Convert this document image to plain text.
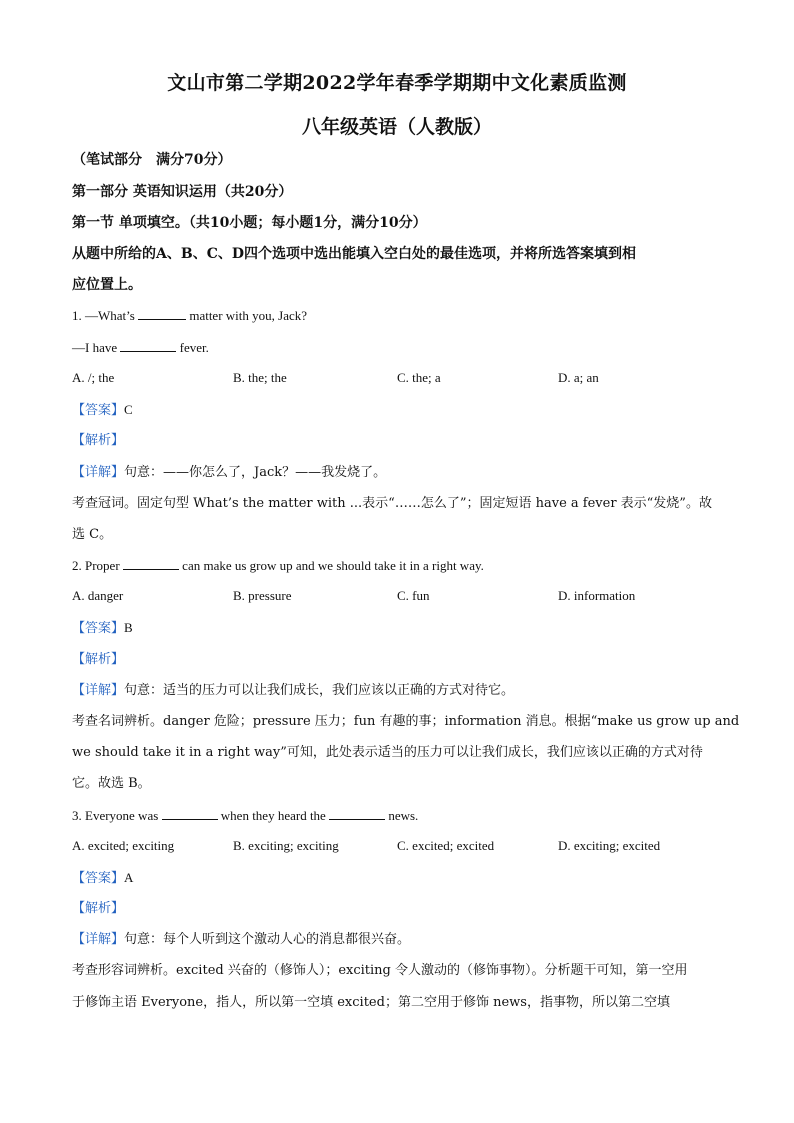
文山市第二学期2022学年春季学期期中文化素质监测
八年级英语（人教版）
（笔试部分　满分70分）
第一部分 英语知识运用（共20分）
第一节 单项填空。（共10小题；每小题1分，满分10分）
从题中所给的A、B、C、D四个选项中选出能填入空白处的最佳选项，并将所选答案填到相
应位置上。
1. —What’s	matter with you, Jack?
—I have	fever.
A. /; the	B. the; the	C. the; a	D. a; an
【答案】C
【解析】
【详解】句意：——你怎么了，Jack？——我发烧了。
考查冠词。固定句型 What’s the matter with ...表示“……怎么了”；固定短语 have a fever 表示“发烧”。故
选 C。
2. Proper	can make us grow up and we should take it in a right way.
A. danger	B. pressure	C. fun	D. information
【答案】B
【解析】
【详解】句意：适当的压力可以让我们成长，我们应该以正确的方式对待它。
考查名词辨析。danger 危险；pressure 压力；fun 有趣的事；information 消息。根据“make us grow up and
we should take it in a right way”可知，此处表示适当的压力可以让我们成长，我们应该以正确的方式对待
它。故选 B。
3. Everyone was	when they heard the	news.
A. excited; exciting	B. exciting; exciting	C. excited; excited	D. exciting; excited
【答案】A
【解析】
【详解】句意：每个人听到这个激动人心的消息都很兴奋。
考查形容词辨析。excited 兴奋的（修饰人）；exciting 令人激动的（修饰事物）。分析题干可知，第一空用
于修饰主语 Everyone，指人，所以第一空填 excited；第二空用于修饰 news，指事物，所以第二空填
